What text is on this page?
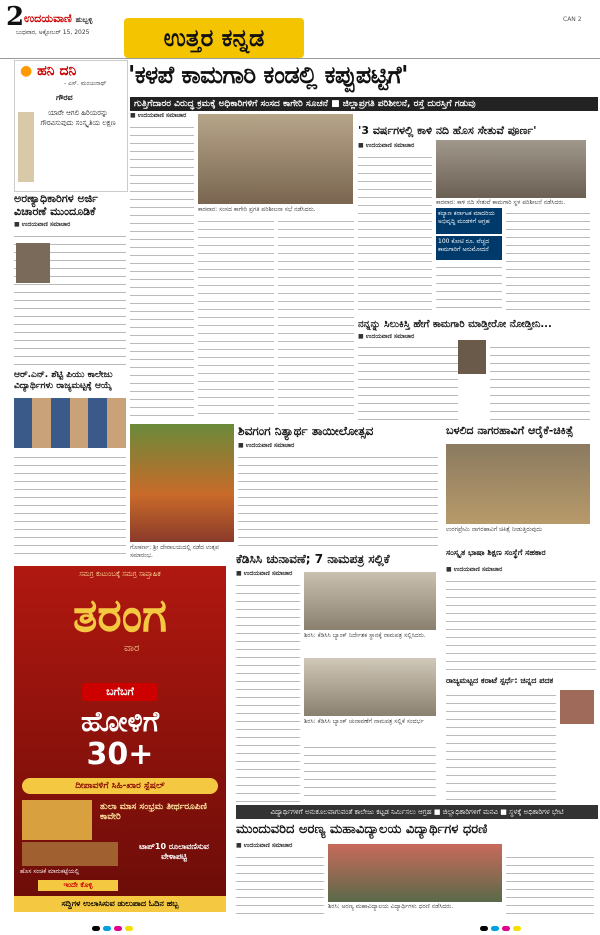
2 ಉದಯವಾಣಿ ಹುಬ್ಬಳ್ಳಿ
ಬುಧವಾರ, ಅಕ್ಟೋಬರ್ 15, 2025	ಉತ್ತರ ಕನ್ನಡ
CAN 2
● ಹನಿ ದನಿ
- ಎಸ್. ಮಂಜುನಾಥ್
ಗೌರವ
ಯಾರೇ ಆಗಲಿ ಹಿರಿಯರನ್ನು ಗೌರವಿಸುವುದು ಸಂಸ್ಕೃತಿಯ ಲಕ್ಷಣ
'ಕಳಪೆ ಕಾಮಗಾರಿ ಕಂಡಲ್ಲಿ ಕಪ್ಪುಪಟ್ಟಿಗೆ'
ಗುತ್ತಿಗೆದಾರರ ವಿರುದ್ಧ ಕ್ರಮಕ್ಕೆ ಅಧಿಕಾರಿಗಳಿಗೆ ಸಂಸದ ಕಾಗೇರಿ ಸೂಚನೆ ■ ಜಿಲ್ಲಾಪ್ರಗತಿ ಪರಿಶೀಲನೆ, ರಸ್ತೆ ದುರಸ್ತಿಗೆ ಗಡುವು
ಅರಣ್ಯಾಧಿಕಾರಿಗಳ ಅರ್ಜಿ ವಿಚಾರಣೆ ಮುಂದೂಡಿಕೆ
■ ಉದಯವಾಣಿ ಸಮಾಚಾರ
ಆರ್.ಎನ್. ಶೆಟ್ಟಿ ಪಿಯು ಕಾಲೇಜು ವಿದ್ಯಾರ್ಥಿಗಳು ರಾಜ್ಯಮಟ್ಟಕ್ಕೆ ಆಯ್ಕೆ
■ ಉದಯವಾಣಿ ಸಮಾಚಾರ
ಕಾರವಾರ: ಸಂಸದ ಕಾಗೇರಿ ಪ್ರಗತಿ ಪರಿಶೀಲನಾ ಸಭೆ ನಡೆಸಿದರು.
'3 ವರ್ಷಗಳಲ್ಲಿ ಕಾಳಿ ನದಿ ಹೊಸ ಸೇತುವೆ ಪೂರ್ಣ'
■ ಉದಯವಾಣಿ ಸಮಾಚಾರ
ಕಾರವಾರ: ಕಾಳಿ ನದಿ ಸೇತುವೆ ಕಾಮಗಾರಿ ಸ್ಥಳ ಪರಿಶೀಲನೆ ನಡೆಸಿದರು.
ಕಲ್ಯಾಣ ಕರ್ನಾಟಕ ಮಾದರಿಯ ಅಭಿವೃದ್ಧಿ ಮಂಡಳಿಗೆ ಆಗ್ರಹ
100 ಕೋಟಿ ರೂ. ವೆಚ್ಚದ ಕಾಮಗಾರಿಗೆ ಅನುಮೋದನೆ
ನನ್ನನ್ನು ಸಿಲುಕಿಸ್ತಿ ಹೇಗೆ ಕಾಮಗಾರಿ ಮಾಡ್ತೀರೋ ನೋಡ್ತೀನಿ...
■ ಉದಯವಾಣಿ ಸಮಾಚಾರ
ಗೋಕರ್ಣ: ಶ್ರೀ ದೇವಾಲಯದಲ್ಲಿ ನಡೆದ ಉತ್ಸವ ಸಮಾರಂಭ.
ಶಿವಗಂಗ ನಿತ್ಯಾರ್ಥ ತಾಯೀಲೋತ್ಸವ
■ ಉದಯವಾಣಿ ಸಮಾಚಾರ
ಬಳಲಿದ ನಾಗರಹಾವಿಗೆ ಆರೈಕೆ-ಚಿಕಿತ್ಸೆ
ಉರಗಪ್ರೇಮಿ ನಾಗರಹಾವಿಗೆ ಚಿಕಿತ್ಸೆ ನೀಡುತ್ತಿರುವುದು
ಸಮಗ್ರ ಕುಟುಂಬಕ್ಕೆ ಸಮಗ್ರ ಸಾಪ್ತಾಹಿಕ
ತರಂಗ
ವಾರ
ಬಗೆಬಗೆ
ಹೋಳಿಗೆ
30+
ದೀಪಾವಳಿಗೆ ಸಿಹಿ-ಖಾರ ಸ್ಪೆಷಲ್
ತುಲಾ ಮಾಸ ಸಂಭ್ರಮ ತೀರ್ಥರೂಪಿಣಿ ಕಾವೇರಿ
ಟಾಪ್10 ರೂಲಾವಣಿಸುವ ವೇಳಾಪಟ್ಟಿ
ಹೊಸ ಸಂಚಿಕೆ ಮಾರುಕಟ್ಟೆಯಲ್ಲಿ
ಇಂದೇ ಕೊಳ್ಳಿ
ಸದ್ದಿಗಳ ಉಲಾಸಿಸುವ ಡುಲುಪಾದ ಓದಿನ ಹಬ್ಬ
ಕೆಡಿಸಿಸಿ ಚುನಾವಣೆ; 7 ನಾಮಪತ್ರ ಸಲ್ಲಿಕೆ
■ ಉದಯವಾಣಿ ಸಮಾಚಾರ
ಶಿರಸಿ: ಕೆಡಿಸಿಸಿ ಬ್ಯಾಂಕ್ ನಿರ್ದೇಶಕ ಸ್ಥಾನಕ್ಕೆ ನಾಮಪತ್ರ ಸಲ್ಲಿಸಿದರು.
ಶಿರಸಿ: ಕೆಡಿಸಿಸಿ ಬ್ಯಾಂಕ್ ಚುನಾವಣೆಗೆ ನಾಮಪತ್ರ ಸಲ್ಲಿಕೆ ಸಂದರ್ಭ
ಸಂಸ್ಕೃತ ಭಾಷಾ ಶಿಕ್ಷಣ ಸಂಸ್ಥೆಗೆ ಸಹಕಾರ
■ ಉದಯವಾಣಿ ಸಮಾಚಾರ
ರಾಜ್ಯಮಟ್ಟದ ಕರಾಟೆ ಸ್ಪರ್ಧೆ: ಚಿನ್ನದ ಪದಕ
ವಿದ್ಯಾರ್ಥಿಗಳಿಗೆ ಅನುಕೂಲವಾಗುವಂತೆ ಕಾಲೇಜು ಕಟ್ಟಡ ನಿರ್ಮಿಸಲು ಆಗ್ರಹ ■ ಜಿಲ್ಲಾಧಿಕಾರಿಗಳಿಗೆ ಮನವಿ ■ ಸ್ಥಳಕ್ಕೆ ಅಧಿಕಾರಿಗಳ ಭೇಟಿ
ಮುಂದುವರಿದ ಅರಣ್ಯ ಮಹಾವಿದ್ಯಾಲಯ ವಿದ್ಯಾರ್ಥಿಗಳ ಧರಣಿ
■ ಉದಯವಾಣಿ ಸಮಾಚಾರ
ಶಿರಸಿ: ಅರಣ್ಯ ಮಹಾವಿದ್ಯಾಲಯ ವಿದ್ಯಾರ್ಥಿಗಳು ಧರಣಿ ನಡೆಸಿದರು.
